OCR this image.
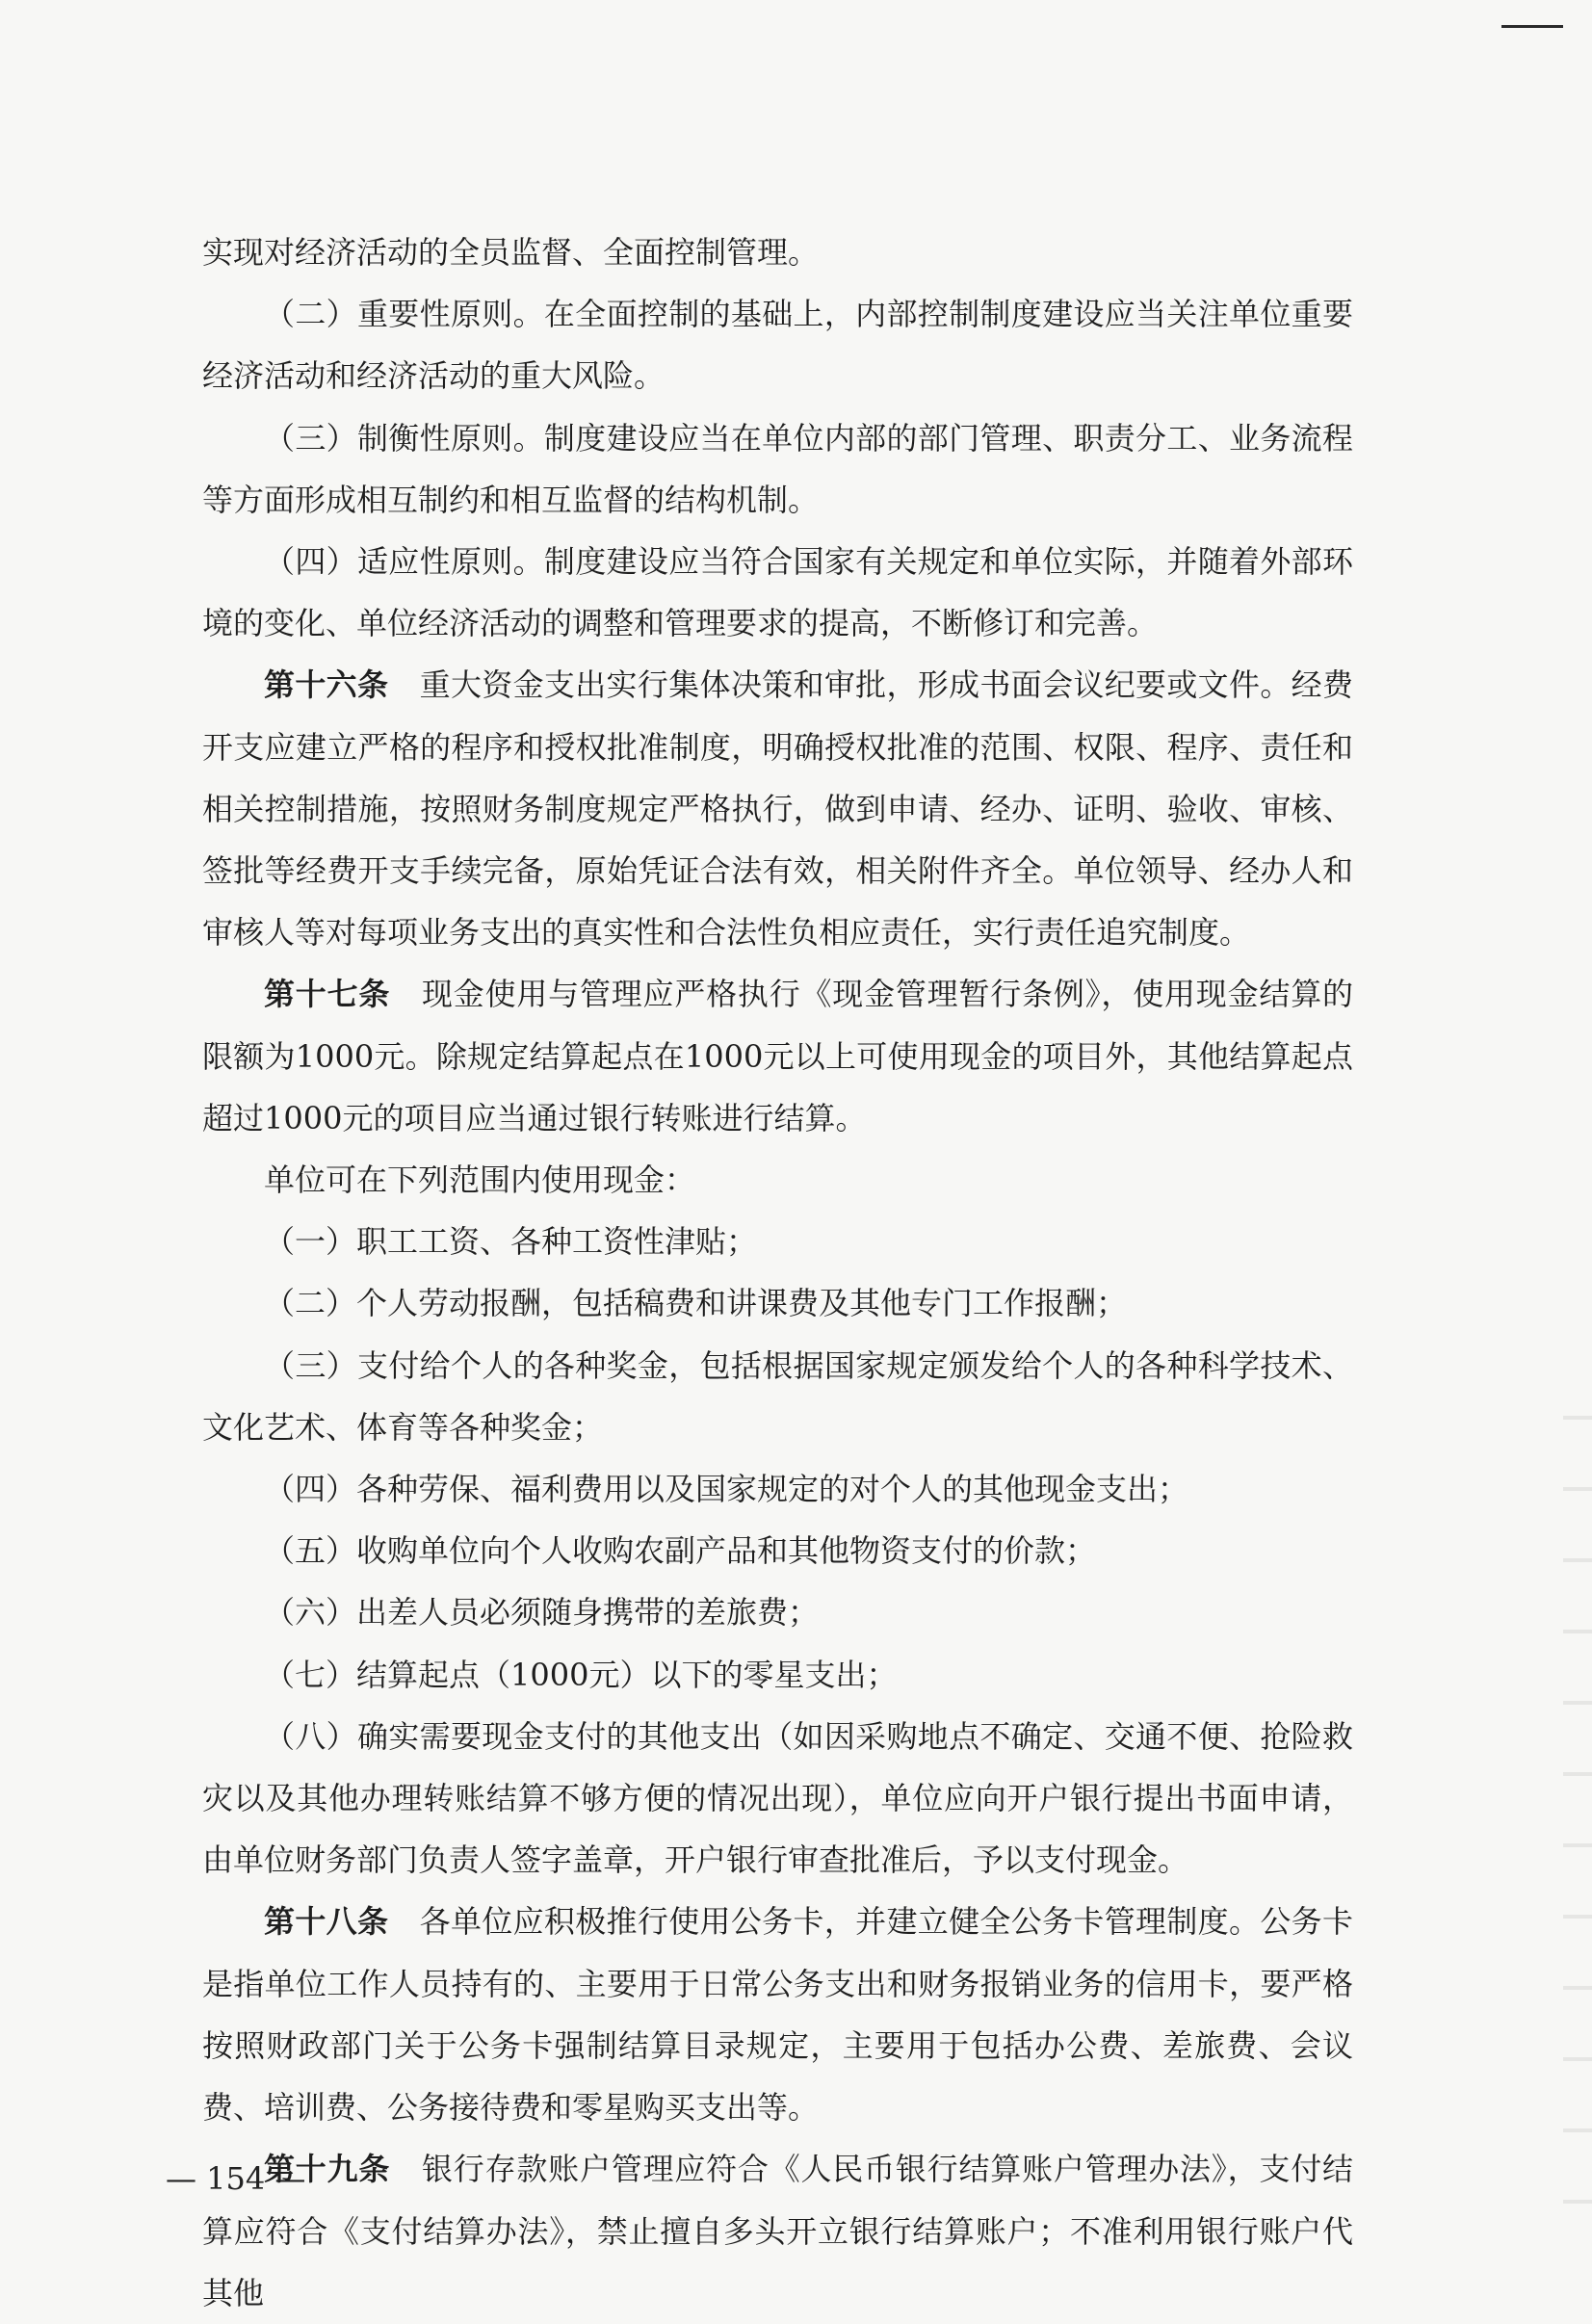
实现对经济活动的全员监督、全面控制管理。

（二）重要性原则。在全面控制的基础上，内部控制制度建设应当关注单位重要经济活动和经济活动的重大风险。

（三）制衡性原则。制度建设应当在单位内部的部门管理、职责分工、业务流程等方面形成相互制约和相互监督的结构机制。

（四）适应性原则。制度建设应当符合国家有关规定和单位实际，并随着外部环境的变化、单位经济活动的调整和管理要求的提高，不断修订和完善。

第十六条  重大资金支出实行集体决策和审批，形成书面会议纪要或文件。经费开支应建立严格的程序和授权批准制度，明确授权批准的范围、权限、程序、责任和相关控制措施，按照财务制度规定严格执行，做到申请、经办、证明、验收、审核、签批等经费开支手续完备，原始凭证合法有效，相关附件齐全。单位领导、经办人和审核人等对每项业务支出的真实性和合法性负相应责任，实行责任追究制度。

第十七条  现金使用与管理应严格执行《现金管理暂行条例》，使用现金结算的限额为1000元。除规定结算起点在1000元以上可使用现金的项目外，其他结算起点超过1000元的项目应当通过银行转账进行结算。

单位可在下列范围内使用现金：

（一）职工工资、各种工资性津贴；

（二）个人劳动报酬，包括稿费和讲课费及其他专门工作报酬；

（三）支付给个人的各种奖金，包括根据国家规定颁发给个人的各种科学技术、文化艺术、体育等各种奖金；

（四）各种劳保、福利费用以及国家规定的对个人的其他现金支出；

（五）收购单位向个人收购农副产品和其他物资支付的价款；

（六）出差人员必须随身携带的差旅费；

（七）结算起点（1000元）以下的零星支出；

（八）确实需要现金支付的其他支出（如因采购地点不确定、交通不便、抢险救灾以及其他办理转账结算不够方便的情况出现），单位应向开户银行提出书面申请，由单位财务部门负责人签字盖章，开户银行审查批准后，予以支付现金。

第十八条  各单位应积极推行使用公务卡，并建立健全公务卡管理制度。公务卡是指单位工作人员持有的、主要用于日常公务支出和财务报销业务的信用卡，要严格按照财政部门关于公务卡强制结算目录规定，主要用于包括办公费、差旅费、会议费、培训费、公务接待费和零星购买支出等。

第十九条  银行存款账户管理应符合《人民币银行结算账户管理办法》，支付结算应符合《支付结算办法》，禁止擅自多头开立银行结算账户；不准利用银行账户代其他

— 154 —
